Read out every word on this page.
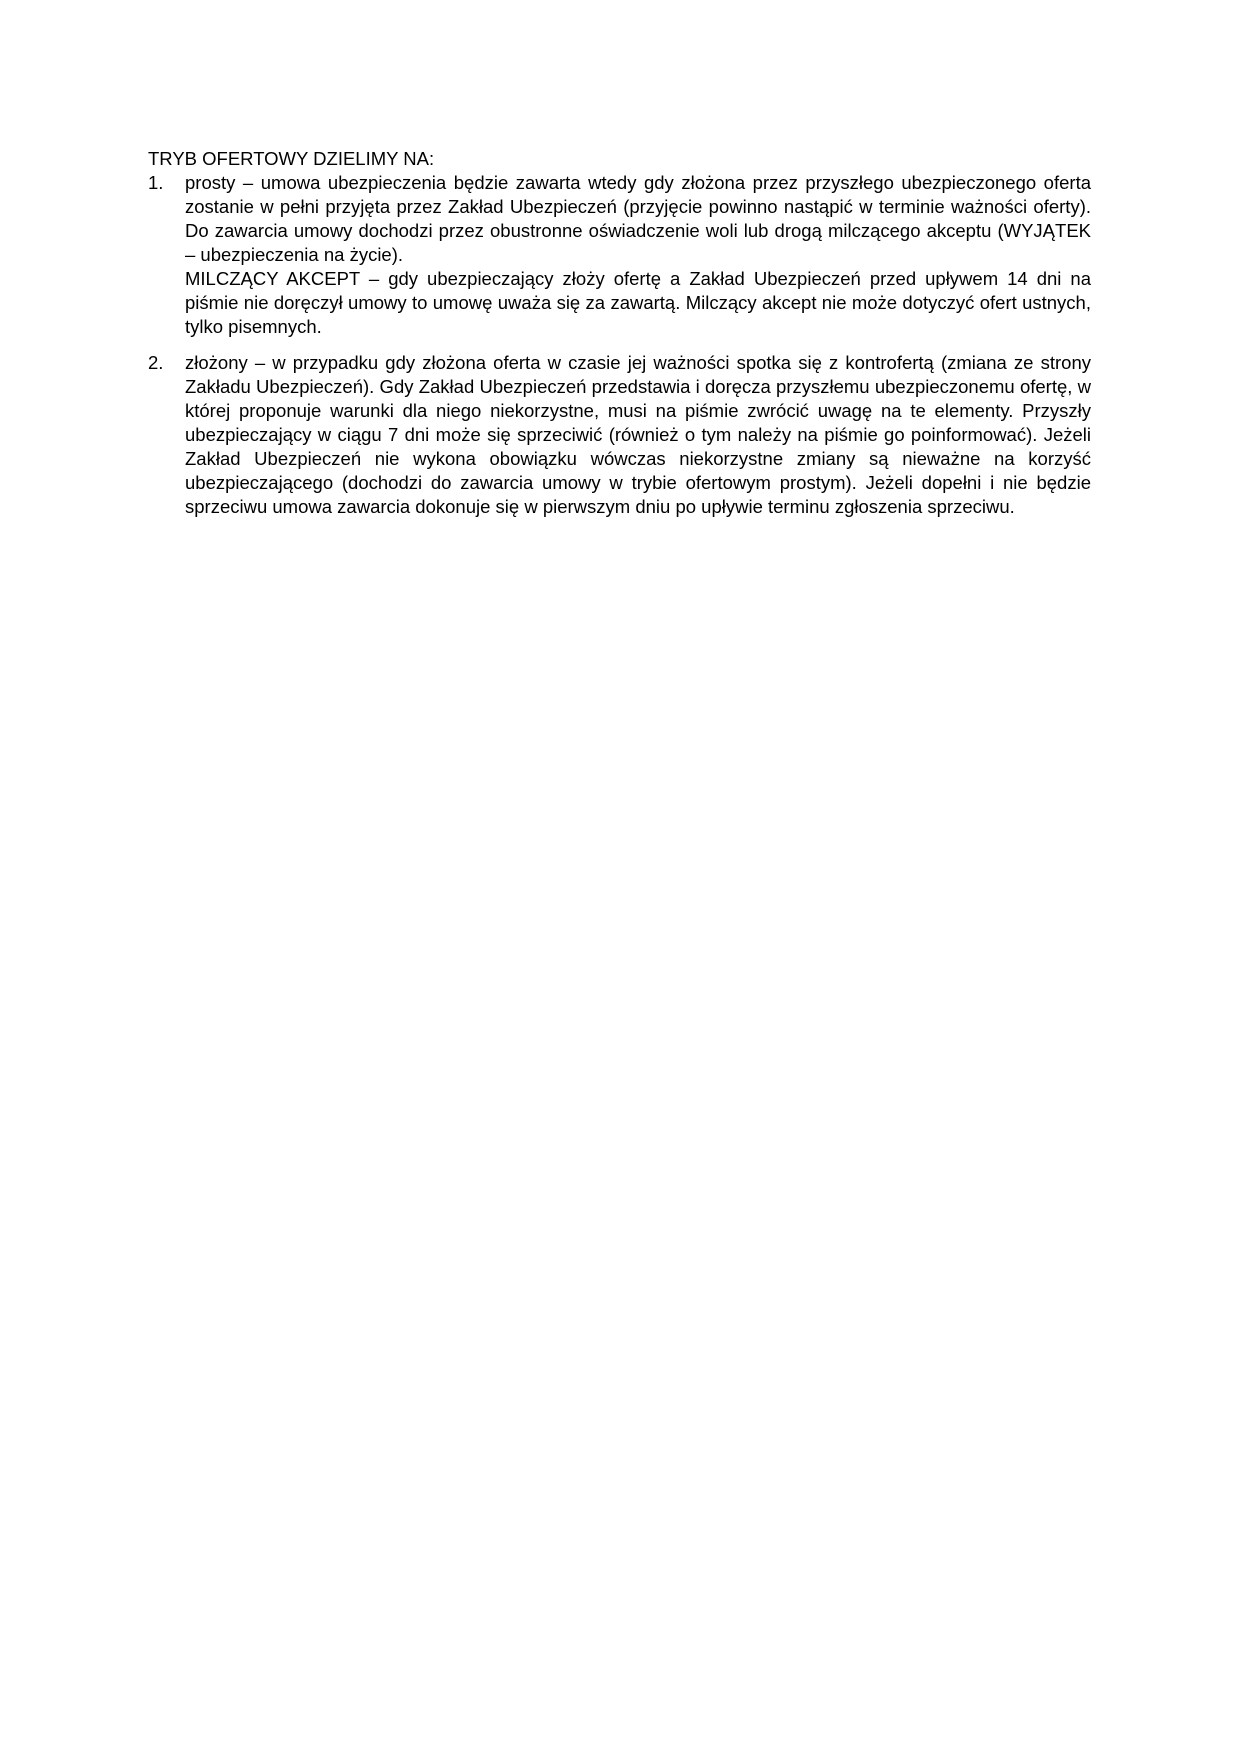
TRYB OFERTOWY DZIELIMY NA:

1. prosty – umowa ubezpieczenia będzie zawarta wtedy gdy złożona przez przyszłego ubezpieczonego oferta zostanie w pełni przyjęta przez Zakład Ubezpieczeń (przyjęcie powinno nastąpić w terminie ważności oferty). Do zawarcia umowy dochodzi przez obustronne oświadczenie woli lub drogą milczącego akceptu (WYJĄTEK – ubezpieczenia na życie).

MILCZĄCY AKCEPT – gdy ubezpieczający złoży ofertę a Zakład Ubezpieczeń przed upływem 14 dni na piśmie nie doręczył umowy to umowę uważa się za zawartą. Milczący akcept nie może dotyczyć ofert ustnych, tylko pisemnych.

2. złożony – w przypadku gdy złożona oferta w czasie jej ważności spotka się z kontrofertą (zmiana ze strony Zakładu Ubezpieczeń). Gdy Zakład Ubezpieczeń przedstawia i doręcza przyszłemu ubezpieczonemu ofertę, w której proponuje warunki dla niego niekorzystne, musi na piśmie zwrócić uwagę na te elementy. Przyszły ubezpieczający w ciągu 7 dni może się sprzeciwić (również o tym należy na piśmie go poinformować). Jeżeli Zakład Ubezpieczeń nie wykona obowiązku wówczas niekorzystne zmiany są nieważne na korzyść ubezpieczającego (dochodzi do zawarcia umowy w trybie ofertowym prostym). Jeżeli dopełni i nie będzie sprzeciwu umowa zawarcia dokonuje się w pierwszym dniu po upływie terminu zgłoszenia sprzeciwu.
